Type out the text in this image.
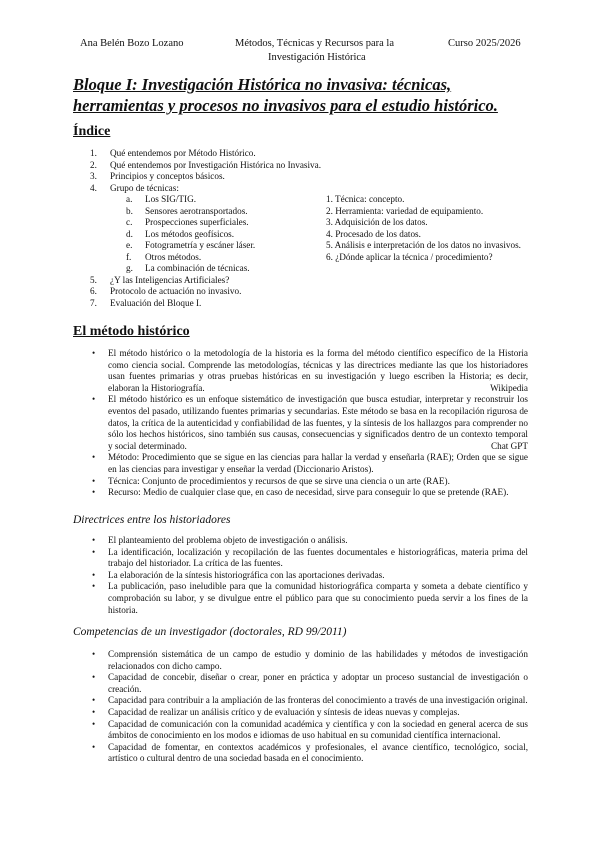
Ana Belén Bozo Lozano	Métodos, Técnicas y Recursos para la
Investigación Histórica
Curso 2025/2026
Bloque I: Investigación Histórica no invasiva: técnicas, herramientas y procesos no invasivos para el estudio histórico.
Índice
1.	Qué entendemos por Método Histórico.
2.	Qué entendemos por Investigación Histórica no Invasiva.
3.	Principios y conceptos básicos.
4.	Grupo de técnicas:
a.	Los SIG/TIG.	1. Técnica: concepto.
b.	Sensores aerotransportados.	2. Herramienta: variedad de equipamiento.
c.	Prospecciones superficiales.	3. Adquisición de los datos.
d.	Los métodos geofísicos.	4. Procesado de los datos.
e.	Fotogrametría y escáner láser.	5. Análisis e interpretación de los datos no invasivos.
f.	Otros métodos.	6. ¿Dónde aplicar la técnica / procedimiento?
g.	La combinación de técnicas.
5.	¿Y las Inteligencias Artificiales?
6.	Protocolo de actuación no invasivo.
7.	Evaluación del Bloque I.
El método histórico
• El método histórico o la metodología de la historia es la forma del método científico específico de la Historia como ciencia social. Comprende las metodologías, técnicas y las directrices mediante las que los historiadores usan fuentes primarias y otras pruebas históricas en su investigación y luego escriben la Historia; es decir, elaboran la Historiografía.	Wikipedia
• El método histórico es un enfoque sistemático de investigación que busca estudiar, interpretar y reconstruir los eventos del pasado, utilizando fuentes primarias y secundarias. Este método se basa en la recopilación rigurosa de datos, la crítica de la autenticidad y confiabilidad de las fuentes, y la síntesis de los hallazgos para comprender no sólo los hechos históricos, sino también sus causas, consecuencias y significados dentro de un contexto temporal y social determinado.	Chat GPT
• Método: Procedimiento que se sigue en las ciencias para hallar la verdad y enseñarla (RAE); Orden que se sigue en las ciencias para investigar y enseñar la verdad (Diccionario Aristos).
• Técnica: Conjunto de procedimientos y recursos de que se sirve una ciencia o un arte (RAE).
• Recurso: Medio de cualquier clase que, en caso de necesidad, sirve para conseguir lo que se pretende (RAE).
Directrices entre los historiadores
• El planteamiento del problema objeto de investigación o análisis.
• La identificación, localización y recopilación de las fuentes documentales e historiográficas, materia prima del trabajo del historiador. La crítica de las fuentes.
• La elaboración de la síntesis historiográfica con las aportaciones derivadas.
• La publicación, paso ineludible para que la comunidad historiográfica comparta y someta a debate científico y comprobación su labor, y se divulgue entre el público para que su conocimiento pueda servir a los fines de la historia.
Competencias de un investigador (doctorales, RD 99/2011)
• Comprensión sistemática de un campo de estudio y dominio de las habilidades y métodos de investigación relacionados con dicho campo.
• Capacidad de concebir, diseñar o crear, poner en práctica y adoptar un proceso sustancial de investigación o creación.
• Capacidad para contribuir a la ampliación de las fronteras del conocimiento a través de una investigación original.
• Capacidad de realizar un análisis crítico y de evaluación y síntesis de ideas nuevas y complejas.
• Capacidad de comunicación con la comunidad académica y científica y con la sociedad en general acerca de sus ámbitos de conocimiento en los modos e idiomas de uso habitual en su comunidad científica internacional.
• Capacidad de fomentar, en contextos académicos y profesionales, el avance científico, tecnológico, social, artístico o cultural dentro de una sociedad basada en el conocimiento.
